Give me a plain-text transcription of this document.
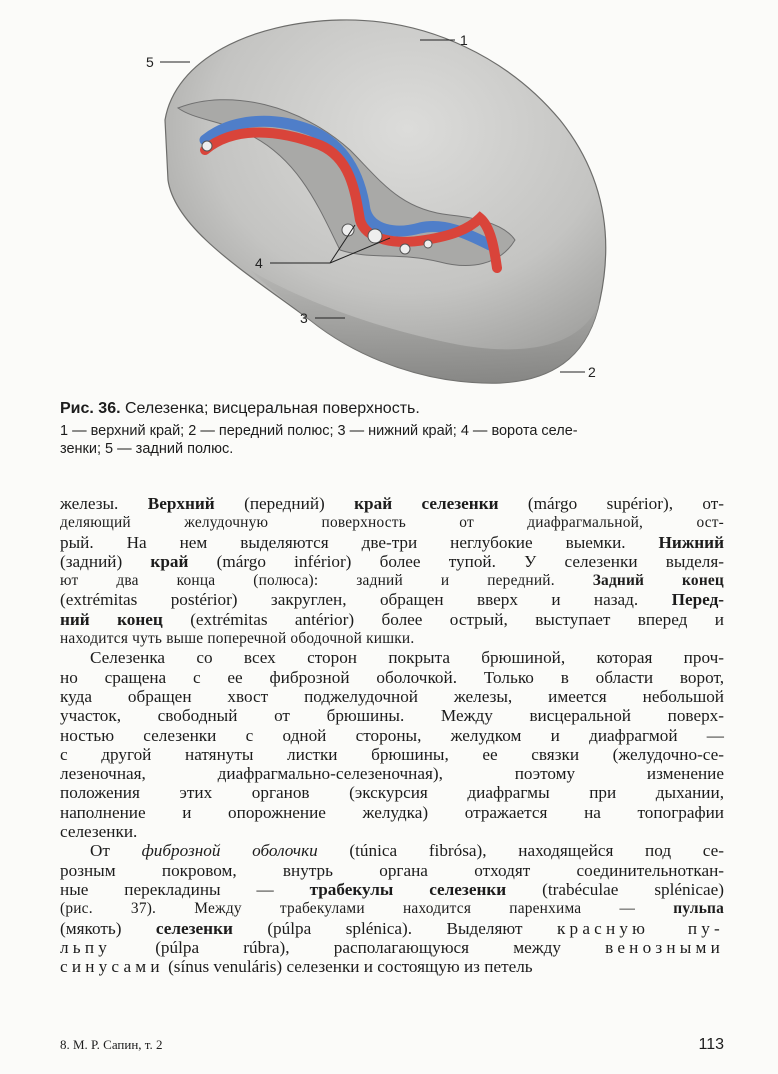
1
2
3
4
5
Рис. 36. Селезенка; висцеральная поверхность.
1 — верхний край; 2 — передний полюс; 3 — нижний край; 4 — ворота селе-
зенки; 5 — задний полюс.
железы. Верхний (передний) край селезенки (márgo supérior), от-
деляющий желудочную поверхность от диафрагмальной, ост-
рый. На нем выделяются две-три неглубокие выемки. Нижний
(задний) край (márgo inférior) более тупой. У селезенки выделя-
ют два конца (полюса): задний и передний. Задний конец
(extrémitas postérior) закруглен, обращен вверх и назад. Перед-
ний конец (extrémitas antérior) более острый, выступает вперед и
находится чуть выше поперечной ободочной кишки.
Селезенка со всех сторон покрыта брюшиной, которая проч-
но сращена с ее фиброзной оболочкой. Только в области ворот,
куда обращен хвост поджелудочной железы, имеется небольшой
участок, свободный от брюшины. Между висцеральной поверх-
ностью селезенки с одной стороны, желудком и диафрагмой —
с другой натянуты листки брюшины, ее связки (желудочно-се-
лезеночная, диафрагмально-селезеночная), поэтому изменение
положения этих органов (экскурсия диафрагмы при дыхании,
наполнение и опорожнение желудка) отражается на топографии
селезенки.
От фиброзной оболочки (túnica fibrósa), находящейся под се-
розным покровом, внутрь органа отходят соединительноткан-
ные перекладины — трабекулы селезенки (trabéculae splénicae)
(рис. 37). Между трабекулами находится паренхима — пульпа
(мякоть) селезенки (púlpa splénica). Выделяют красную пу-
льпу (púlpa rúbra), располагающуюся между венозными
синусами (sínus venuláris) селезенки и состоящую из петель
8. М. Р. Сапин, т. 2	113
